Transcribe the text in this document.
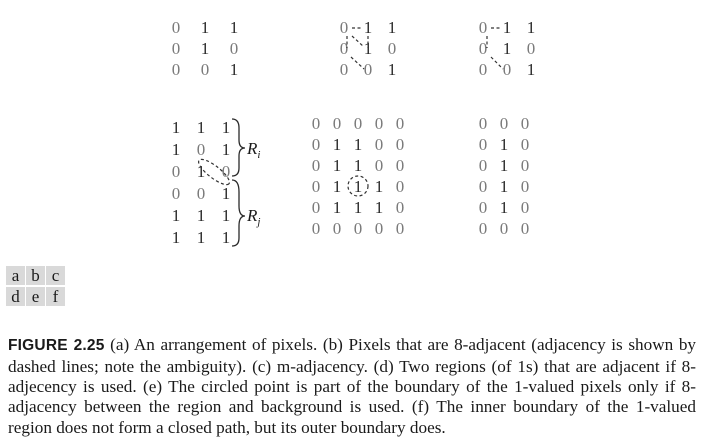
0 1 1
0 1 0
0 0 1
0 1 1
0 1 0
0 0 1
0 1 1
0 1 0
0 0 1
1 1 1
1 0 1
0 1 0
0 0 1
1 1 1
1 1 1
0 0 0 0 0
0 1 1 0 0
0 1 1 0 0
0 1 1 1 0
0 1 1 1 0
0 0 0 0 0
0 0 0
0 1 0
0 1 0
0 1 0
0 1 0
0 0 0
$R_i$
$R_j$
a b c
d e f

FIGURE 2.25 (a) An arrangement of pixels. (b) Pixels that are 8-adjacent (adjacency is shown by dashed lines; note the ambiguity). (c) m-adjacency. (d) Two regions (of 1s) that are adjacent if 8-adjecency is used. (e) The circled point is part of the boundary of the 1-valued pixels only if 8-adjacency between the region and background is used. (f) The inner boundary of the 1-valued region does not form a closed path, but its outer boundary does.
